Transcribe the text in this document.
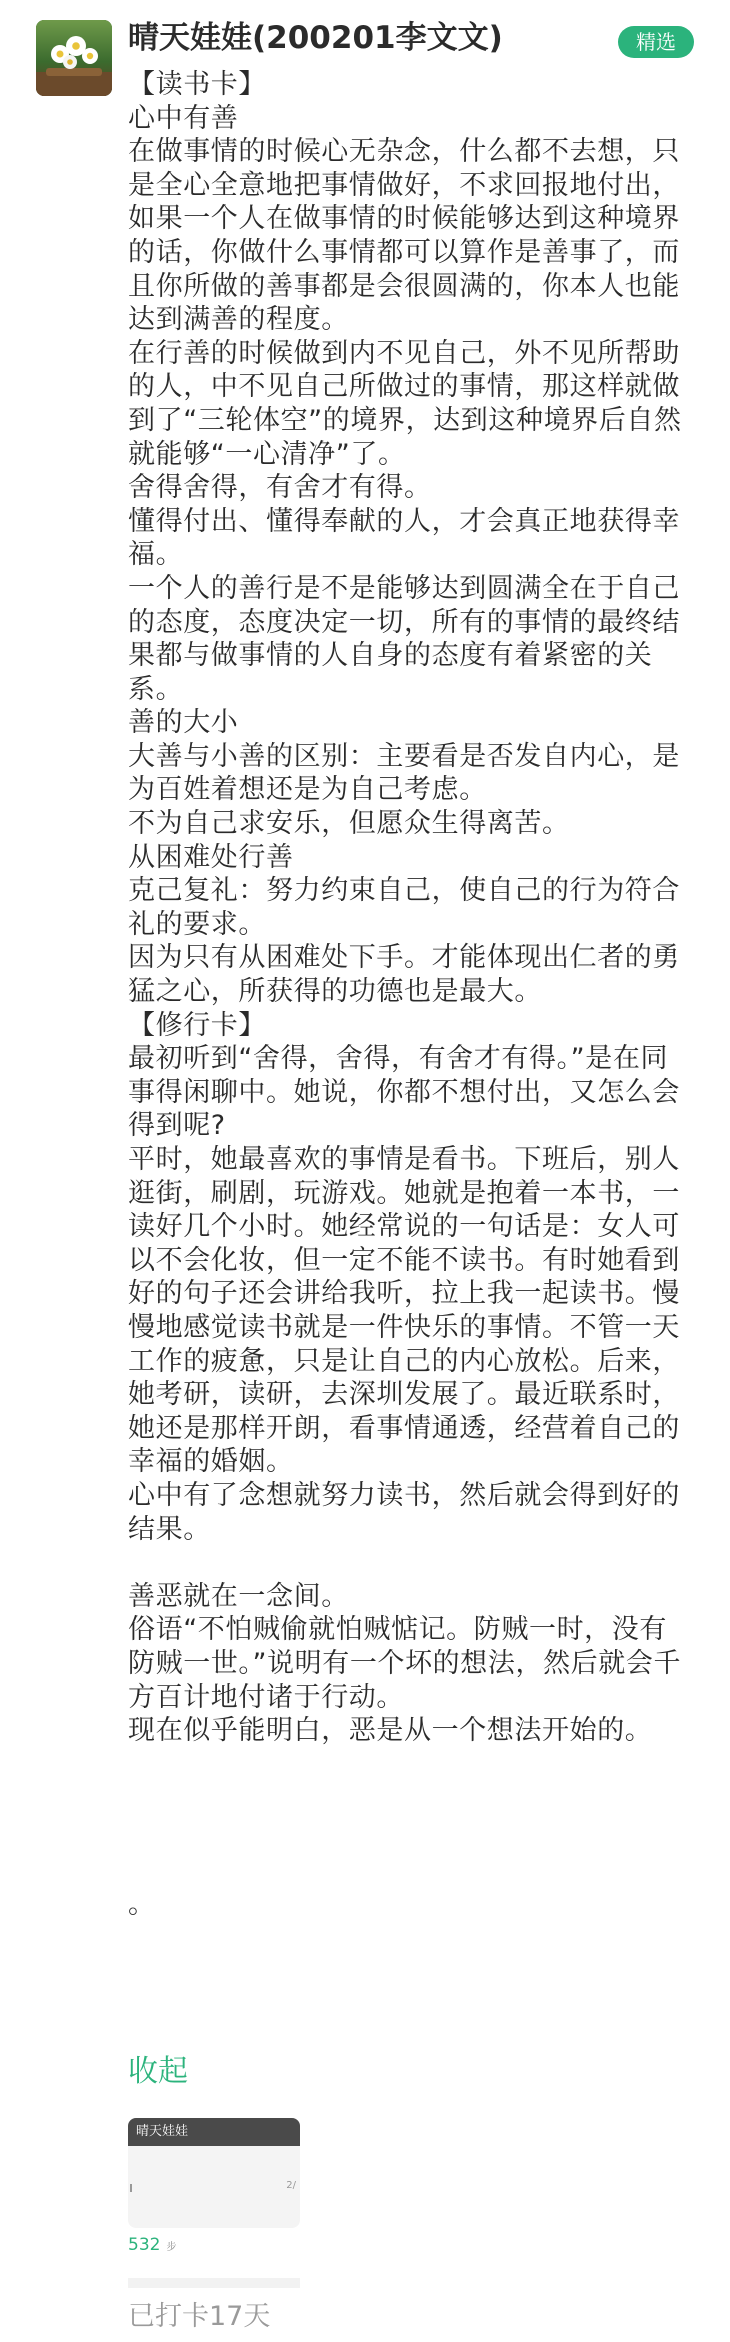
晴天娃娃(200201李文文)	精选
【读书卡】
心中有善
在做事情的时候心无杂念，什么都不去想，只是全心全意地把事情做好，不求回报地付出，如果一个人在做事情的时候能够达到这种境界的话，你做什么事情都可以算作是善事了，而且你所做的善事都是会很圆满的，你本人也能达到满善的程度。
在行善的时候做到内不见自己，外不见所帮助的人，中不见自己所做过的事情，那这样就做到了“三轮体空”的境界，达到这种境界后自然就能够“一心清净”了。
舍得舍得，有舍才有得。
懂得付出、懂得奉献的人，才会真正地获得幸福。
一个人的善行是不是能够达到圆满全在于自己的态度，态度决定一切，所有的事情的最终结果都与做事情的人自身的态度有着紧密的关系。
善的大小
大善与小善的区别：主要看是否发自内心，是为百姓着想还是为自己考虑。
不为自己求安乐，但愿众生得离苦。
从困难处行善
克己复礼：努力约束自己，使自己的行为符合礼的要求。
因为只有从困难处下手。才能体现出仁者的勇猛之心，所获得的功德也是最大。
【修行卡】
最初听到“舍得，舍得，有舍才有得。”是在同事得闲聊中。她说，你都不想付出，又怎么会得到呢?
平时，她最喜欢的事情是看书。下班后，别人逛街，刷剧，玩游戏。她就是抱着一本书，一读好几个小时。她经常说的一句话是：女人可以不会化妆，但一定不能不读书。有时她看到好的句子还会讲给我听，拉上我一起读书。慢慢地感觉读书就是一件快乐的事情。不管一天工作的疲惫，只是让自己的内心放松。后来，她考研，读研，去深圳发展了。最近联系时，她还是那样开朗，看事情通透，经营着自己的幸福的婚姻。
心中有了念想就努力读书，然后就会得到好的结果。
善恶就在一念间。
俗语“不怕贼偷就怕贼惦记。防贼一时，没有防贼一世。”说明有一个坏的想法，然后就会千方百计地付诸于行动。
现在似乎能明白，恶是从一个想法开始的。
。
收起
晴天娃娃
2/
532 步
已打卡17天
